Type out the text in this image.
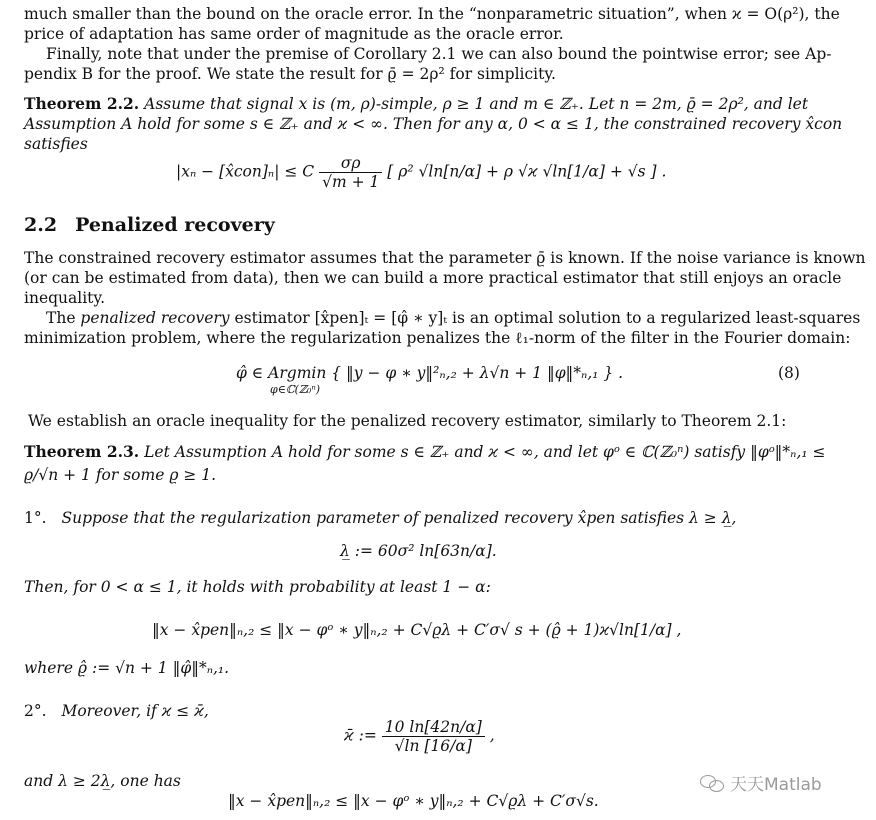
much smaller than the bound on the oracle error. In the “nonparametric situation”, when ϰ = O(ρ²), the
price of adaptation has same order of magnitude as the oracle error.
Finally, note that under the premise of Corollary 2.1 we can also bound the pointwise error; see Ap-
pendix B for the proof. We state the result for ϱ̄ = 2ρ² for simplicity.
Theorem 2.2. Assume that signal x is (m, ρ)-simple, ρ ≥ 1 and m ∈ ℤ₊. Let n = 2m, ϱ̄ = 2ρ², and let
Assumption A hold for some s ∈ ℤ₊ and ϰ < ∞. Then for any α, 0 < α ≤ 1, the constrained recovery x̂con
satisfies
|xₙ − [x̂con]ₙ| ≤ C $\frac{\sigma\rho}{√m + 1}$ [ ρ² √ln[n/α] + ρ √ϰ √ln[1/α] + √s ] .
2.2 Penalized recovery
The constrained recovery estimator assumes that the parameter ϱ̄ is known. If the noise variance is known
(or can be estimated from data), then we can build a more practical estimator that still enjoys an oracle
inequality.
The penalized recovery estimator [x̂pen]ₜ = [φ̂ ∗ y]ₜ is an optimal solution to a regularized least-squares
minimization problem, where the regularization penalizes the ℓ₁-norm of the filter in the Fourier domain:
φ̂ ∈ Argmin { ‖y − φ ∗ y‖²ₙ,₂ + λ√n + 1 ‖φ‖*ₙ,₁ } .
φ∈ℂ(ℤ₀ⁿ)
(8)
We establish an oracle inequality for the penalized recovery estimator, similarly to Theorem 2.1:
Theorem 2.3. Let Assumption A hold for some s ∈ ℤ₊ and ϰ < ∞, and let φᵒ ∈ ℂ(ℤ₀ⁿ) satisfy ‖φᵒ‖*ₙ,₁ ≤
ϱ/√n + 1 for some ϱ ≥ 1.
1°. Suppose that the regularization parameter of penalized recovery x̂pen satisfies λ ≥ λ̲,
λ̲ := 60σ² ln[63n/α].
Then, for 0 < α ≤ 1, it holds with probability at least 1 − α:
‖x − x̂pen‖ₙ,₂ ≤ ‖x − φᵒ ∗ y‖ₙ,₂ + C√ϱλ + C′σ√ s + (ϱ̂ + 1)ϰ√ln[1/α] ,
where ϱ̂ := √n + 1 ‖φ̂‖*ₙ,₁.
2°. Moreover, if ϰ ≤ ϰ̄,
ϰ̄ := $\frac{10 \ln[42n/\alpha]}{√\ln [16/\alpha]}$ ,
and λ ≥ 2λ̲, one has
‖x − x̂pen‖ₙ,₂ ≤ ‖x − φᵒ ∗ y‖ₙ,₂ + C√ϱλ + C′σ√s.
天天Matlab
